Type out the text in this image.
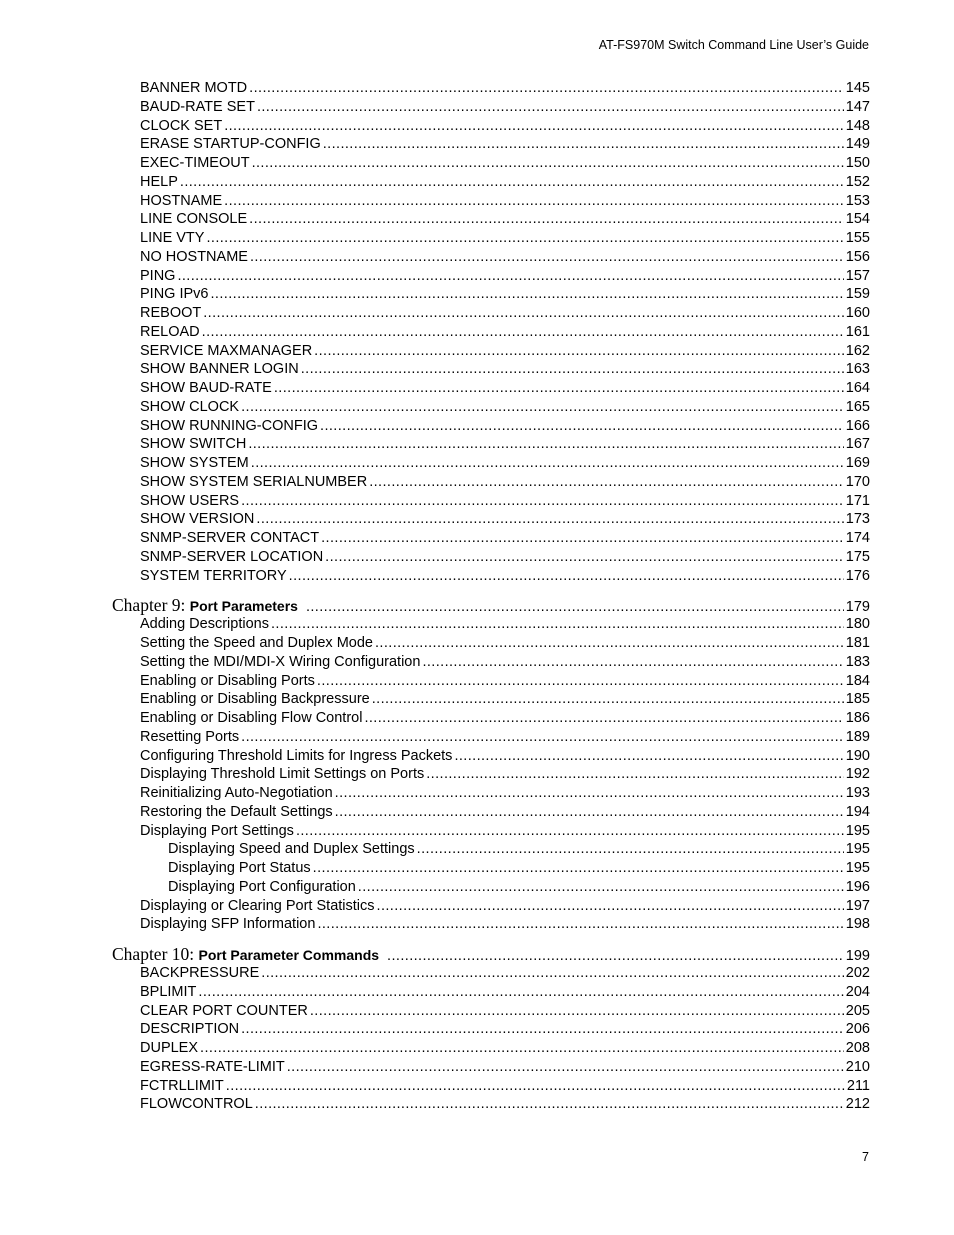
AT-FS970M Switch Command Line User’s Guide
BANNER MOTD .....	145
BAUD-RATE SET .....	147
CLOCK SET .....	148
ERASE STARTUP-CONFIG .....	149
EXEC-TIMEOUT .....	150
HELP .....	152
HOSTNAME .....	153
LINE CONSOLE .....	154
LINE VTY .....	155
NO HOSTNAME .....	156
PING .....	157
PING IPv6 .....	159
REBOOT .....	160
RELOAD .....	161
SERVICE MAXMANAGER .....	162
SHOW BANNER LOGIN .....	163
SHOW BAUD-RATE .....	164
SHOW CLOCK .....	165
SHOW RUNNING-CONFIG .....	166
SHOW SWITCH .....	167
SHOW SYSTEM .....	169
SHOW SYSTEM SERIALNUMBER .....	170
SHOW USERS .....	171
SHOW VERSION .....	173
SNMP-SERVER CONTACT .....	174
SNMP-SERVER LOCATION .....	175
SYSTEM TERRITORY .....	176
Chapter 9: Port Parameters .....	179
Adding Descriptions .....	180
Setting the Speed and Duplex Mode .....	181
Setting the MDI/MDI-X Wiring Configuration .....	183
Enabling or Disabling Ports .....	184
Enabling or Disabling Backpressure .....	185
Enabling or Disabling Flow Control .....	186
Resetting Ports .....	189
Configuring Threshold Limits for Ingress Packets .....	190
Displaying Threshold Limit Settings on Ports .....	192
Reinitializing Auto-Negotiation .....	193
Restoring the Default Settings .....	194
Displaying Port Settings .....	195
Displaying Speed and Duplex Settings .....	195
Displaying Port Status .....	195
Displaying Port Configuration .....	196
Displaying or Clearing Port Statistics .....	197
Displaying SFP Information .....	198
Chapter 10: Port Parameter Commands .....	199
BACKPRESSURE .....	202
BPLIMIT .....	204
CLEAR PORT COUNTER .....	205
DESCRIPTION .....	206
DUPLEX .....	208
EGRESS-RATE-LIMIT .....	210
FCTRLLIMIT .....	211
FLOWCONTROL .....	212
7
